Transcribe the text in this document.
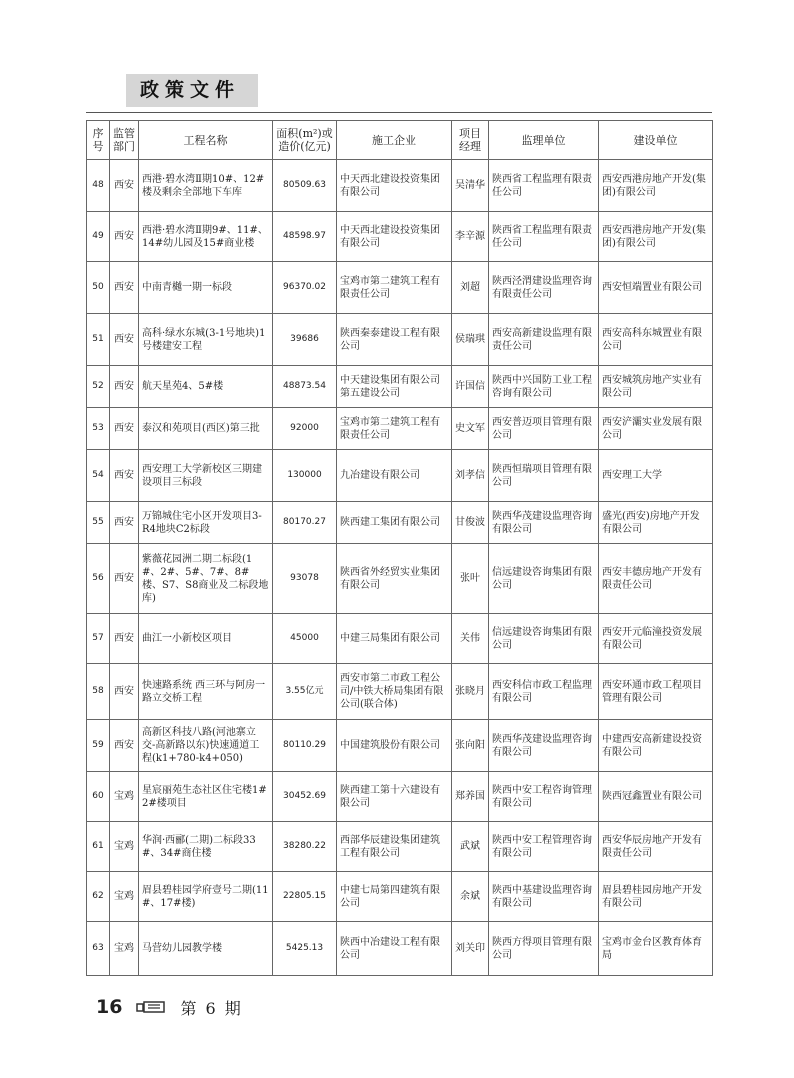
政策文件
序号	监管部门	工程名称	面积(m²)或造价(亿元)	施工企业	项目经理	监理单位	建设单位
48	西安	西港·碧水湾Ⅱ期10#、12#楼及剩余全部地下车库	80509.63	中天西北建设投资集团有限公司	吴清华	陕西省工程监理有限责任公司	西安西港房地产开发(集团)有限公司
49	西安	西港·碧水湾Ⅱ期9#、11#、14#幼儿园及15#商业楼	48598.97	中天西北建设投资集团有限公司	李辛源	陕西省工程监理有限责任公司	西安西港房地产开发(集团)有限公司
50	西安	中南青樾一期一标段	96370.02	宝鸡市第二建筑工程有限责任公司	刘超	陕西泾渭建设监理咨询有限责任公司	西安恒端置业有限公司
51	西安	高科·绿水东城(3-1号地块)1号楼建安工程	39686	陕西秦泰建设工程有限公司	侯瑞琪	西安高新建设监理有限责任公司	西安高科东城置业有限公司
52	西安	航天星苑4、5#楼	48873.54	中天建设集团有限公司第五建设公司	许国信	陕西中兴国防工业工程咨询有限公司	西安城筑房地产实业有限公司
53	西安	泰汉和苑项目(西区)第三批	92000	宝鸡市第二建筑工程有限责任公司	史文军	西安普迈项目管理有限公司	西安浐灞实业发展有限公司
54	西安	西安理工大学新校区三期建设项目三标段	130000	九冶建设有限公司	刘孝信	陕西恒瑞项目管理有限公司	西安理工大学
55	西安	万锦城住宅小区开发项目3-R4地块C2标段	80170.27	陕西建工集团有限公司	甘俊波	陕西华茂建设监理咨询有限公司	盛光(西安)房地产开发有限公司
56	西安	紫薇花园洲二期二标段(1#、2#、5#、7#、8#楼、S7、S8商业及二标段地库)	93078	陕西省外经贸实业集团有限公司	张叶	信远建设咨询集团有限公司	西安丰德房地产开发有限责任公司
57	西安	曲江一小新校区项目	45000	中建三局集团有限公司	关伟	信远建设咨询集团有限公司	西安开元临潼投资发展有限公司
58	西安	快速路系统 西三环与阿房一路立交桥工程	3.55亿元	西安市第二市政工程公司/中铁大桥局集团有限公司(联合体)	张晓月	西安科信市政工程监理有限公司	西安环通市政工程项目管理有限公司
59	西安	高新区科技八路(河池寨立交-高新路以东)快速通道工程(k1+780-k4+050)	80110.29	中国建筑股份有限公司	张向阳	陕西华茂建设监理咨询有限公司	中建西安高新建设投资有限公司
60	宝鸡	星宸丽苑生态社区住宅楼1#2#楼项目	30452.69	陕西建工第十六建设有限公司	郑养国	陕西中安工程咨询管理有限公司	陕西冠鑫置业有限公司
61	宝鸡	华润·西郦(二期)二标段33#、34#商住楼	38280.22	西部华辰建设集团建筑工程有限公司	武斌	陕西中安工程管理咨询有限公司	西安华辰房地产开发有限责任公司
62	宝鸡	眉县碧桂园学府壹号二期(11#、17#楼)	22805.15	中建七局第四建筑有限公司	余斌	陕西中基建设监理咨询有限公司	眉县碧桂园房地产开发有限公司
63	宝鸡	马营幼儿园教学楼	5425.13	陕西中冶建设工程有限公司	刘关印	陕西方得项目管理有限公司	宝鸡市金台区教育体育局
16	第 6 期
